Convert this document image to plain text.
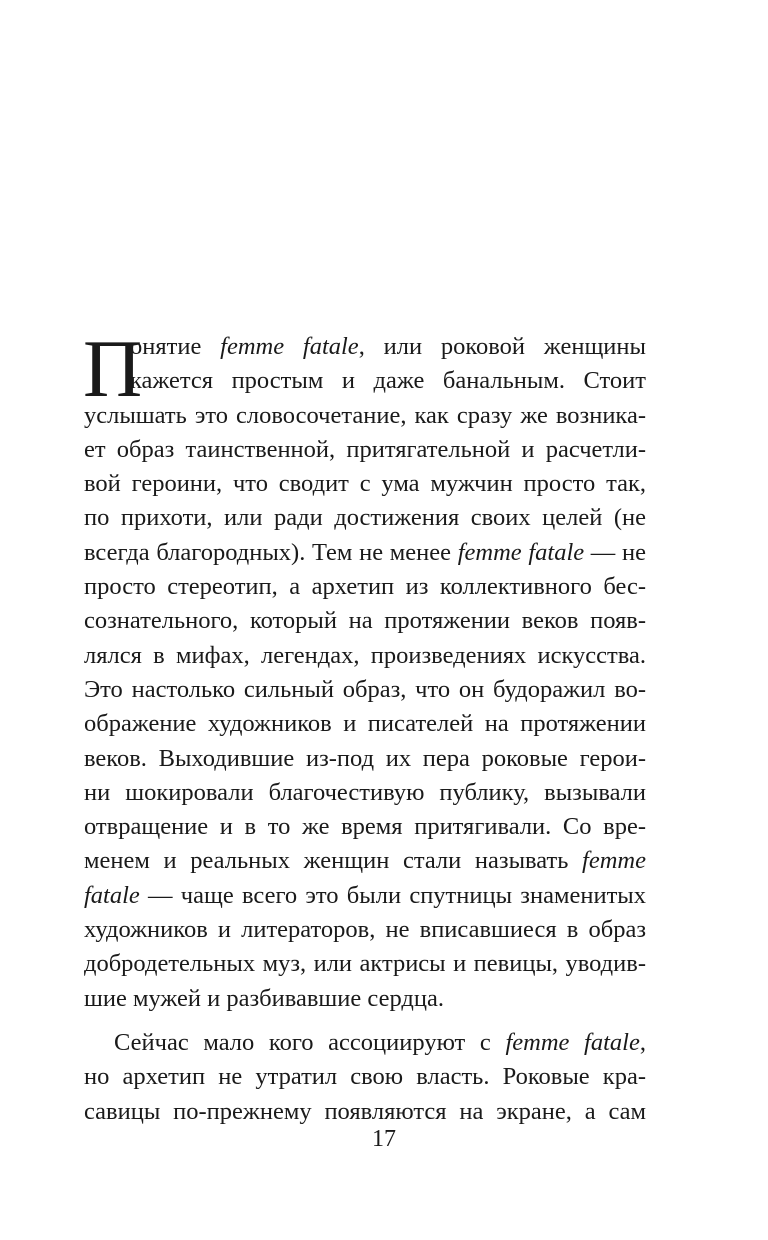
П
онятие femme fatale, или роковой женщины
кажется простым и даже банальным. Стоит
услышать это словосочетание, как сразу же возника-
ет образ таинственной, притягательной и расчетли-
вой героини, что сводит с ума мужчин просто так,
по прихоти, или ради достижения своих целей (не
всегда благородных). Тем не менее femme fatale — не
просто стереотип, а архетип из коллективного бес-
сознательного, который на протяжении веков появ-
лялся в мифах, легендах, произведениях искусства.
Это настолько сильный образ, что он будоражил во-
ображение художников и писателей на протяжении
веков. Выходившие из-под их пера роковые герои-
ни шокировали благочестивую публику, вызывали
отвращение и в то же время притягивали. Со вре-
менем и реальных женщин стали называть femme
fatale — чаще всего это были спутницы знаменитых
художников и литераторов, не вписавшиеся в образ
добродетельных муз, или актрисы и певицы, уводив-
шие мужей и разбивавшие сердца.
Сейчас мало кого ассоциируют с femme fatale,
но архетип не утратил свою власть. Роковые кра-
савицы по-прежнему появляются на экране, а сам
17
